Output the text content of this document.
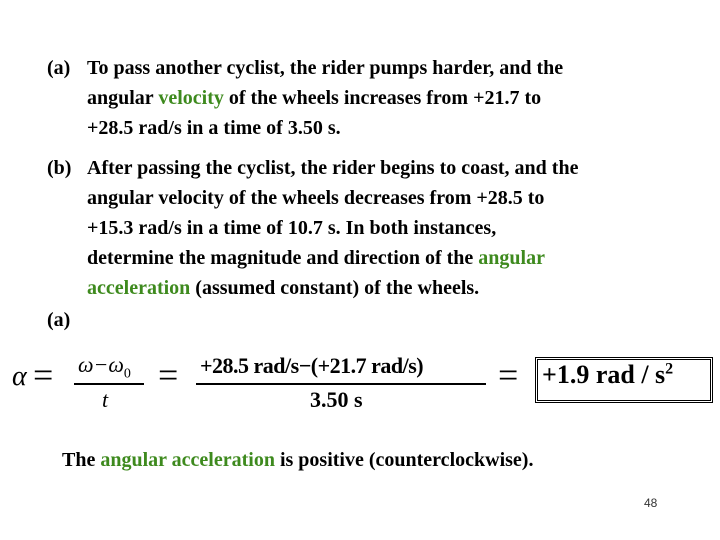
(a) To pass another cyclist, the rider pumps harder, and the
angular velocity of the wheels increases from +21.7 to
+28.5 rad/s in a time of 3.50 s.
(b) After passing the cyclist, the rider begins to coast, and the
angular velocity of the wheels decreases from +28.5 to
+15.3 rad/s in a time of 10.7 s. In both instances,
determine the magnitude and direction of the angular
acceleration (assumed constant) of the wheels.
(a)
$\alpha = \omega-\omega_0$
t
= +28.5 rad/s−(+21.7 rad/s)
3.50 s
= +1.9 rad / $s^2$
The angular acceleration is positive (counterclockwise).
48
